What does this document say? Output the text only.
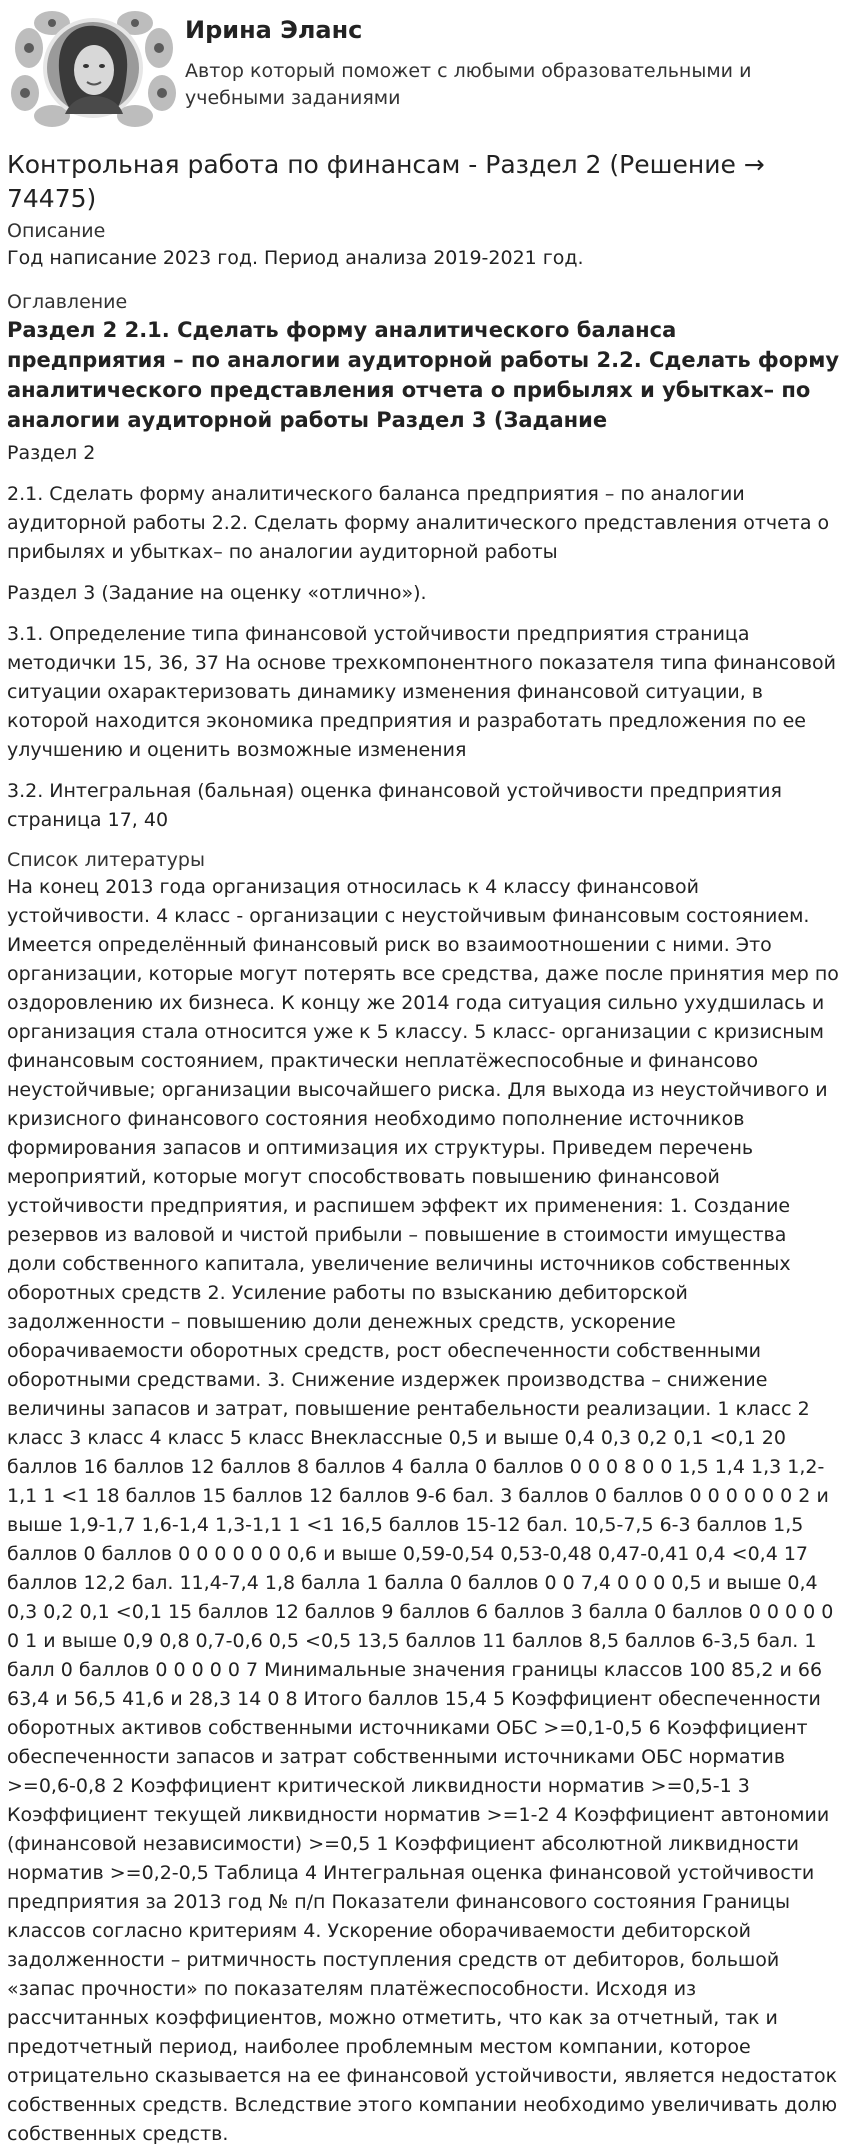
Ирина Эланс

Автор который поможет с любыми образовательными и учебными заданиями

Контрольная работа по финансам - Раздел 2 (Решение → 74475)
Описание

Год написание 2023 год. Период анализа 2019-2021 год.

Оглавление

Раздел 2 2.1. Сделать форму аналитического баланса предприятия – по аналогии аудиторной работы 2.2. Сделать форму аналитического представления отчета о прибылях и убытках– по аналогии аудиторной работы Раздел 3 (Задание

Раздел 2

2.1. Сделать форму аналитического баланса предприятия – по аналогии аудиторной работы 2.2. Сделать форму аналитического представления отчета о прибылях и убытках– по аналогии аудиторной работы

Раздел 3 (Задание на оценку «отлично»).

3.1. Определение типа финансовой устойчивости предприятия страница методички 15, 36, 37 На основе трехкомпонентного показателя типа финансовой ситуации охарактеризовать динамику изменения финансовой ситуации, в которой находится экономика предприятия и разработать предложения по ее улучшению и оценить возможные изменения

3.2. Интегральная (бальная) оценка финансовой устойчивости предприятия страница 17, 40

Список литературы

На конец 2013 года организация относилась к 4 классу финансовой устойчивости. 4 класс - организации с неустойчивым финансовым состоянием. Имеется определённый финансовый риск во взаимоотношении с ними. Это организации, которые могут потерять все средства, даже после принятия мер по оздоровлению их бизнеса. К концу же 2014 года ситуация сильно ухудшилась и организация стала относится уже к 5 классу. 5 класс- организации с кризисным финансовым состоянием, практически неплатёжеспособные и финансово неустойчивые; организации высочайшего риска. Для выхода из неустойчивого и кризисного финансового состояния необходимо пополнение источников формирования запасов и оптимизация их структуры. Приведем перечень мероприятий, которые могут способствовать повышению финансовой устойчивости предприятия, и распишем эффект их применения: 1. Создание резервов из валовой и чистой прибыли – повышение в стоимости имущества доли собственного капитала, увеличение величины источников собственных оборотных средств 2. Усиление работы по взысканию дебиторской задолженности – повышению доли денежных средств, ускорение оборачиваемости оборотных средств, рост обеспеченности собственными оборотными средствами. 3. Снижение издержек производства – снижение величины запасов и затрат, повышение рентабельности реализации. 1 класс 2 класс 3 класс 4 класс 5 класс Внеклассные 0,5 и выше 0,4 0,3 0,2 0,1 <0,1 20 баллов 16 баллов 12 баллов 8 баллов 4 балла 0 баллов 0 0 0 8 0 0 1,5 1,4 1,3 1,2-1,1 1 <1 18 баллов 15 баллов 12 баллов 9-6 бал. 3 баллов 0 баллов 0 0 0 0 0 0 2 и выше 1,9-1,7 1,6-1,4 1,3-1,1 1 <1 16,5 баллов 15-12 бал. 10,5-7,5 6-3 баллов 1,5 баллов 0 баллов 0 0 0 0 0 0 0,6 и выше 0,59-0,54 0,53-0,48 0,47-0,41 0,4 <0,4 17 баллов 12,2 бал. 11,4-7,4 1,8 балла 1 балла 0 баллов 0 0 7,4 0 0 0 0,5 и выше 0,4 0,3 0,2 0,1 <0,1 15 баллов 12 баллов 9 баллов 6 баллов 3 балла 0 баллов 0 0 0 0 0 0 1 и выше 0,9 0,8 0,7-0,6 0,5 <0,5 13,5 баллов 11 баллов 8,5 баллов 6-3,5 бал. 1 балл 0 баллов 0 0 0 0 0 7 Минимальные значения границы классов 100 85,2 и 66 63,4 и 56,5 41,6 и 28,3 14 0 8 Итого баллов 15,4 5 Коэффициент обеспеченности оборотных активов собственными источниками ОБС >=0,1-0,5 6 Коэффициент обеспеченности запасов и затрат собственными источниками ОБС норматив >=0,6-0,8 2 Коэффициент критической ликвидности норматив >=0,5-1 3 Коэффициент текущей ликвидности норматив >=1-2 4 Коэффициент автономии (финансовой независимости) >=0,5 1 Коэффициент абсолютной ликвидности норматив >=0,2-0,5 Таблица 4 Интегральная оценка финансовой устойчивости предприятия за 2013 год № п/п Показатели финансового состояния Границы классов согласно критериям 4. Ускорение оборачиваемости дебиторской задолженности – ритмичность поступления средств от дебиторов, большой «запас прочности» по показателям платёжеспособности. Исходя из рассчитанных коэффициентов, можно отметить, что как за отчетный, так и предотчетный период, наиболее проблемным местом компании, которое отрицательно сказывается на ее финансовой устойчивости, является недостаток собственных средств. Вследствие этого компании необходимо увеличивать долю собственных средств.
